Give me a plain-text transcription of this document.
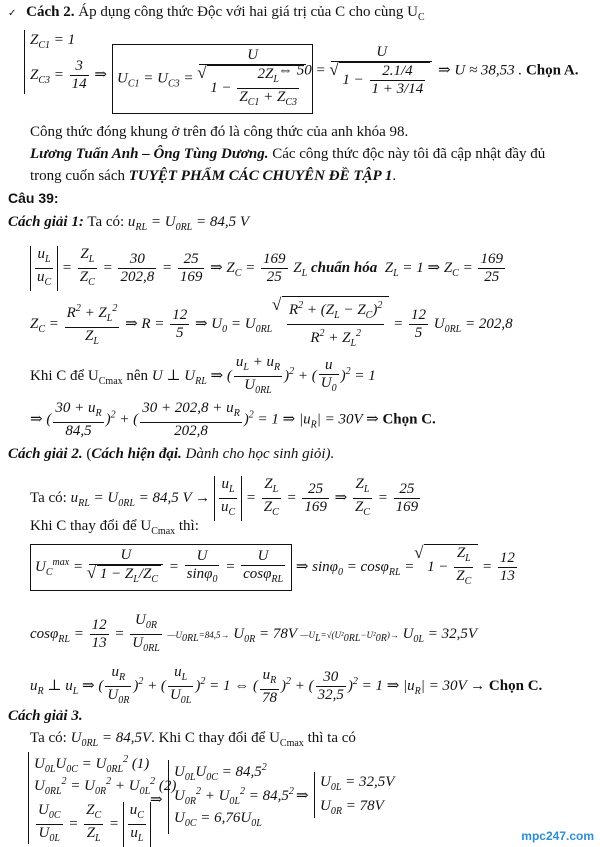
✓ Cách 2. Áp dụng công thức Độc với hai giá trị của C cho cùng $U_C$
$Z_{C1} = 1$
$Z_{C3} = \frac{3}{14}$ ⇒ $U_{C1} = U_{C3}$ =
U
√ $1 - \frac{2Z_L}{Z_{C1} + Z_{C3}}$
⇔ 50 = U
√ $1 - \frac{2.1/4}{1 + 3/14}$ ⇒ U ≈ 38,53 . Chọn A.
Công thức đóng khung ở trên đó là công thức của anh khóa 98.
Lương Tuấn Anh – Ông Tùng Dương. Các công thức độc này tôi đã cập nhật đầy đủ
trong cuốn sách TUYỆT PHẨM CÁC CHUYÊN ĐỀ TẬP 1.
Câu 39:
Cách giải 1: Ta có: $u_{RL} = U_{0RL} = 84,5$ V
$\frac{u_L}{u_C} = \frac{Z_L}{Z_C} = \frac{30}{202,8} = \frac{25}{169}$ ⇒ $Z_C = \frac{169}{25} Z_L$ chuẩn hóa  $Z_L = 1$ ⇒ $Z_C = \frac{169}{25}$
$Z_C = \frac{R^2 + Z_L^2}{Z_L}$ ⇒ $R = \frac{12}{5}$ ⇒ $U_0 = U_{0RL}$
√ $\frac{R^2 + (Z_L - Z_C)^2}{R^2 + Z_L^2} = \frac{12}{5} U_{0RL} = 202,8$
Khi C để $U_{Cmax}$ nên U ⊥ $U_{RL}$ ⇒ ( $\frac{u_L + u_R}{U_{0RL}} )^2$ + ( $\frac{u}{U_0} )^2 = 1$
⇒ ( $\frac{30 + u_R}{84,5} )^2$ + ( $\frac{30 + 202,8 + u_R}{202,8} )^2 = 1$ ⇒ $|u_R| = 30V$ ⇒ Chọn C.
Cách giải 2. (Cách hiện đại. Dành cho học sinh giỏi).
Ta có: $u_{RL} = U_{0RL} = 84,5$ $V \to \frac{u_L}{u_C} = \frac{Z_L}{Z_C} = \frac{25}{169}$ ⇒ $\frac{Z_L}{Z_C} = \frac{25}{169}$
Khi C thay đổi để $U_{Cmax}$ thì:
$U_C^{max} = U$
√ $1 - Z_L/Z_C = \frac{U}{\sin\varphi_0}$ =
U
cosφ$_{RL}$
⇒ sinφ$_0$ = cosφ$_{RL}$ = √ $1 - \frac{Z_L}{Z_C} = \frac{12}{13}$
$\cos\varphi_{RL} = \frac{12}{13} = \frac{U_{0R}}{U_{0RL}}$ —U0RL=84,5→ $U_{0R} = 78V$ —UL=√(U²0RL−U²0R)→ $U_{0L} = 32,5V$
$u_R$ ⊥ $u_L$ ⇒ ( $\frac{u_R}{U_{0R}} )^2$ + ( $\frac{u_L}{U_{0L}} )^2 = 1$ ⇔ ( $\frac{u_R}{78} )^2$ + ( $\frac{30}{32,5} )^2 = 1$ ⇒ $|u_R| = 30V$ → Chọn C.
Cách giải 3.
Ta có: $U_{0RL} = 84,5V$. Khi C thay đổi để $U_{Cmax}$ thì ta có
$U_{0L}U_{0C} = U_{0RL}^2$ (1)
$U_{0RL}^2 = U_{0R}^2 + U_{0L}^2$ (2)
$\frac{U_{0C}}{U_{0L}} = \frac{Z_C}{Z_L} = \frac{u_C}{u_L}$
⇒
$U_{0L}U_{0C} = 84,5^2$
$U_{0R}^2 + U_{0L}^2 = 84,5^2$
$U_{0C} = 6,76U_{0L}$
⇒
$U_{0L} = 32,5V$
$U_{0R} = 78V$
mpc247.com
